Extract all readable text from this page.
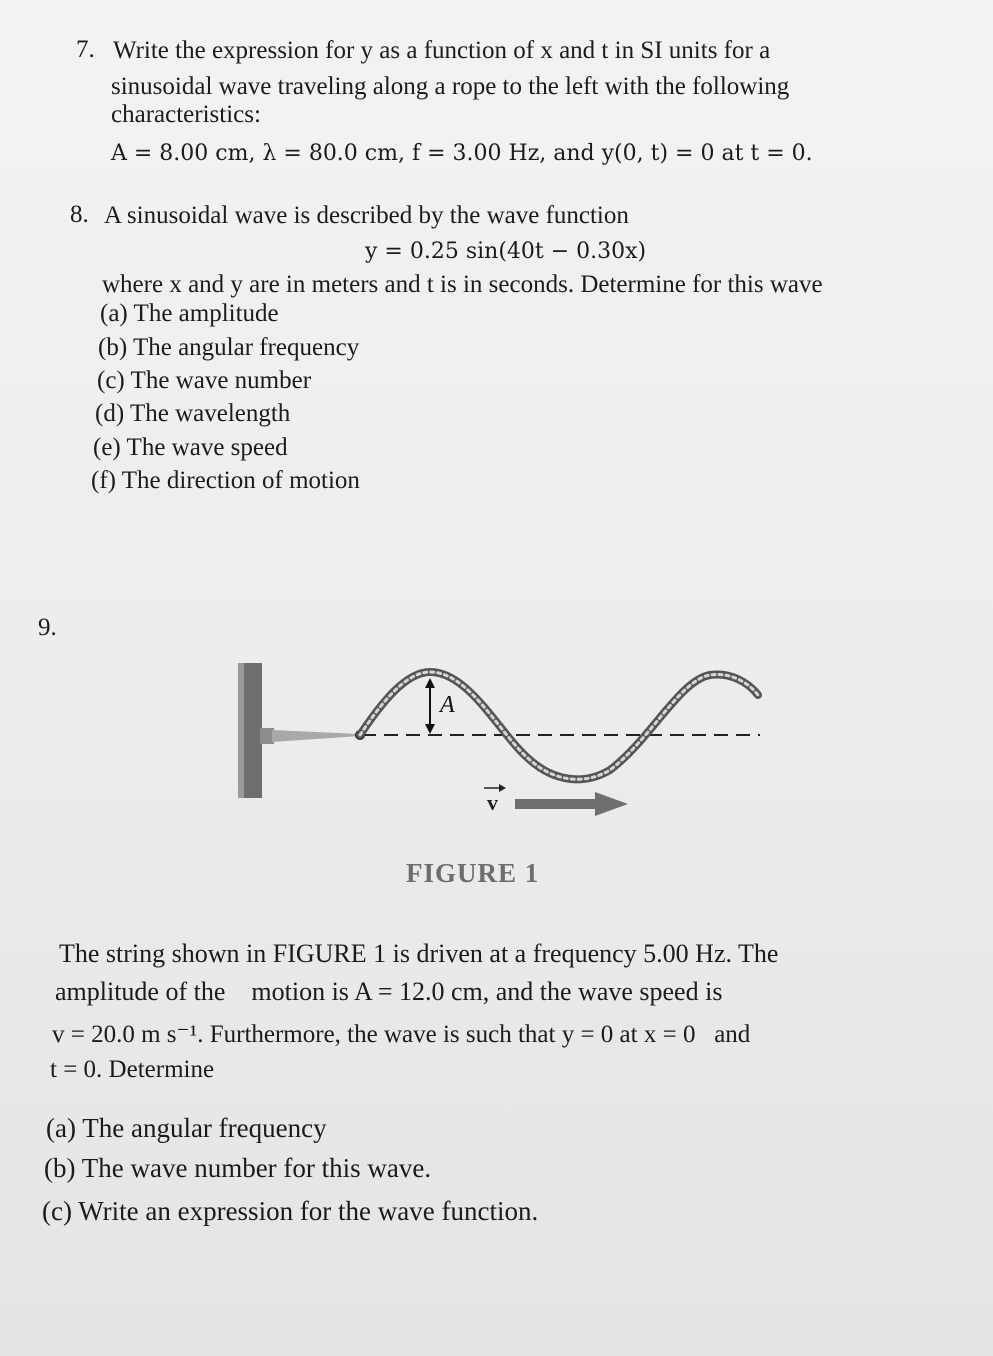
7. Write the expression for y as a function of x and t in SI units for a
sinusoidal wave traveling along a rope to the left with the following
characteristics:
A = 8.00 cm, λ = 80.0 cm, f = 3.00 Hz, and y(0, t) = 0 at t = 0.
8. A sinusoidal wave is described by the wave function
y = 0.25 sin(40t − 0.30x)
where x and y are in meters and t is in seconds. Determine for this wave
(a) The amplitude
(b) The angular frequency
(c) The wave number
(d) The wavelength
(e) The wave speed
(f) The direction of motion
9.
A
v
FIGURE 1
The string shown in FIGURE 1 is driven at a frequency 5.00 Hz. The
amplitude of the    motion is A = 12.0 cm, and the wave speed is
v = 20.0 m s⁻¹. Furthermore, the wave is such that y = 0 at x = 0   and
t = 0. Determine
(a) The angular frequency
(b) The wave number for this wave.
(c) Write an expression for the wave function.
